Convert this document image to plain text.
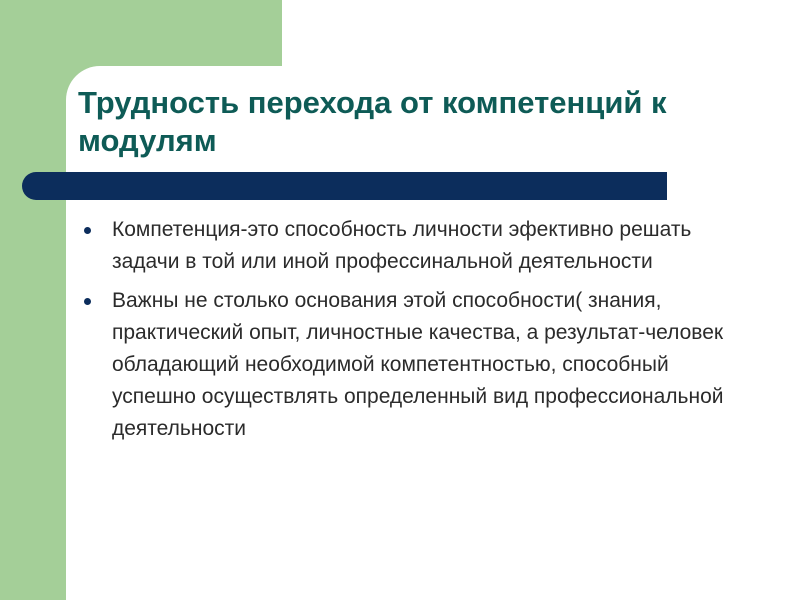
Трудность перехода от компетенций к модулям
Компетенция-это способность личности эфективно решать задачи в той или иной профессинальной деятельности
Важны не столько основания этой способности( знания, практический опыт, личностные качества, а результат-человек обладающий необходимой компетентностью, способный успешно осуществлять определенный вид профессиональной деятельности
